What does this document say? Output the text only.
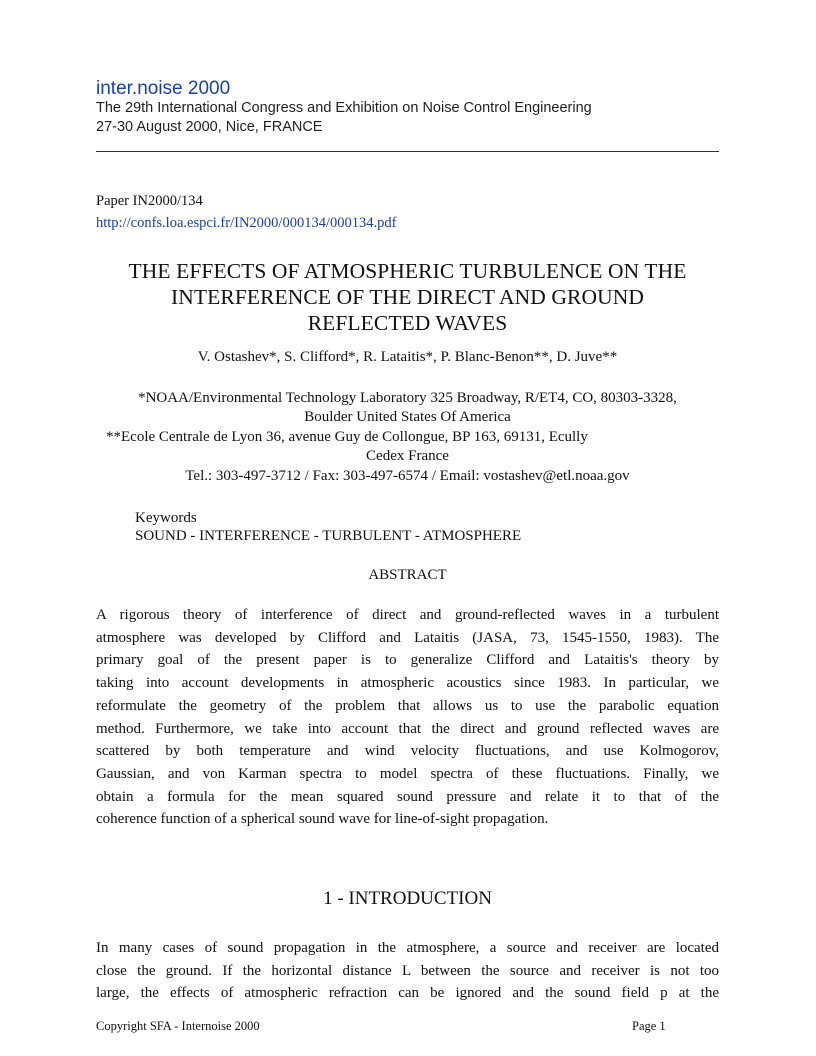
inter.noise 2000
The 29th International Congress and Exhibition on Noise Control Engineering
27-30 August 2000, Nice, FRANCE
Paper IN2000/134
http://confs.loa.espci.fr/IN2000/000134/000134.pdf
THE EFFECTS OF ATMOSPHERIC TURBULENCE ON THE
INTERFERENCE OF THE DIRECT AND GROUND
REFLECTED WAVES
V. Ostashev*, S. Clifford*, R. Lataitis*, P. Blanc-Benon**, D. Juve**
*NOAA/Environmental Technology Laboratory 325 Broadway, R/ET4, CO, 80303-3328,
Boulder United States Of America
**Ecole Centrale de Lyon 36, avenue Guy de Collongue, BP 163, 69131, Ecully
Cedex France
Tel.: 303-497-3712 / Fax: 303-497-6574 / Email: vostashev@etl.noaa.gov
Keywords
SOUND - INTERFERENCE - TURBULENT - ATMOSPHERE
ABSTRACT
A rigorous theory of interference of direct and ground-reflected waves in a turbulent
atmosphere was developed by Clifford and Lataitis (JASA, 73, 1545-1550, 1983). The
primary goal of the present paper is to generalize Clifford and Lataitis's theory by
taking into account developments in atmospheric acoustics since 1983. In particular, we
reformulate the geometry of the problem that allows us to use the parabolic equation
method. Furthermore, we take into account that the direct and ground reflected waves are
scattered by both temperature and wind velocity fluctuations, and use Kolmogorov,
Gaussian, and von Karman spectra to model spectra of these fluctuations. Finally, we
obtain a formula for the mean squared sound pressure and relate it to that of the
coherence function of a spherical sound wave for line-of-sight propagation.
1 - INTRODUCTION
In many cases of sound propagation in the atmosphere, a source and receiver are located
close the ground. If the horizontal distance L between the source and receiver is not too
large, the effects of atmospheric refraction can be ignored and the sound field p at the
Copyright SFA - Internoise 2000	Page 1
